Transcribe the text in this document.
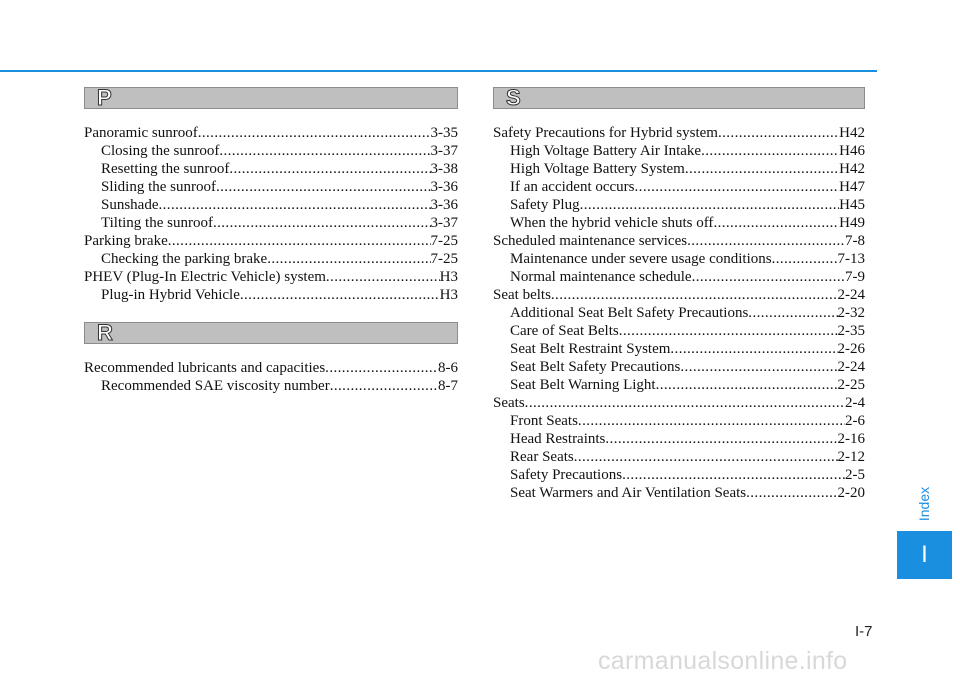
P
Panoramic sunroof .....	3-35
Closing the sunroof .....	3-37
Resetting the sunroof .....	3-38
Sliding the sunroof .....	3-36
Sunshade .....	3-36
Tilting the sunroof .....	3-37
Parking brake .....	7-25
Checking the parking brake .....	7-25
PHEV (Plug-In Electric Vehicle) system .....	H3
Plug-in Hybrid Vehicle .....	H3
R
Recommended lubricants and capacities .....	8-6
Recommended SAE viscosity number .....	8-7
S
Safety Precautions for Hybrid system .....	H42
High Voltage Battery Air Intake .....	H46
High Voltage Battery System .....	H42
If an accident occurs .....	H47
Safety Plug .....	H45
When the hybrid vehicle shuts off .....	H49
Scheduled maintenance services .....	7-8
Maintenance under severe usage conditions .....	7-13
Normal maintenance schedule .....	7-9
Seat belts .....	2-24
Additional Seat Belt Safety Precautions .....	2-32
Care of Seat Belts .....	2-35
Seat Belt Restraint System .....	2-26
Seat Belt Safety Precautions .....	2-24
Seat Belt Warning Light .....	2-25
Seats .....	2-4
Front Seats .....	2-6
Head Restraints .....	2-16
Rear Seats .....	2-12
Safety Precautions .....	2-5
Seat Warmers and Air Ventilation Seats .....	2-20	Index
I
I-7
carmanualsonline.info
